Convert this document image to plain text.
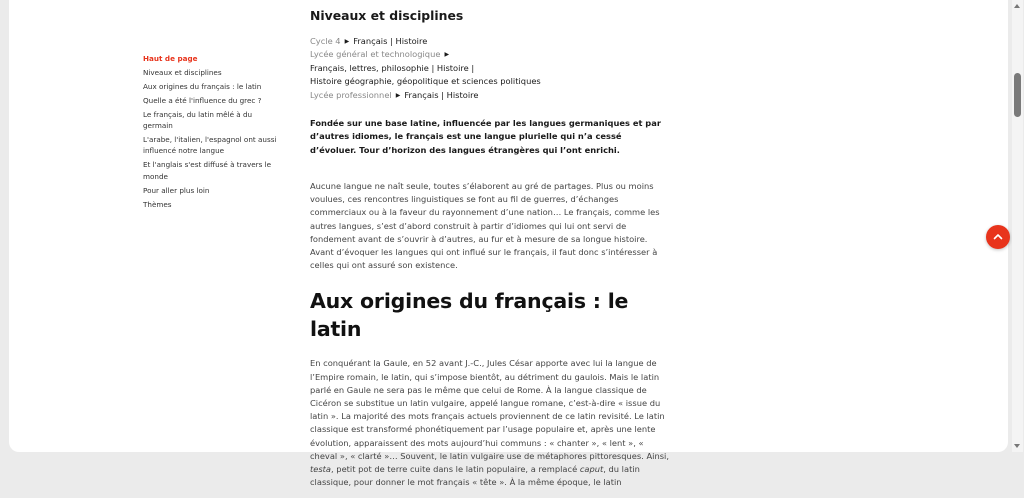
Haut de page
Niveaux et disciplines
Aux origines du français : le latin
Quelle a été l'influence du grec ?
Le français, du latin mêlé à du germain
L'arabe, l'italien, l'espagnol ont aussi influencé notre langue
Et l'anglais s'est diffusé à travers le monde
Pour aller plus loin
Thèmes
Niveaux et disciplines
Cycle 4 ▶ Français | Histoire
Lycée général et technologique ▶
Français, lettres, philosophie | Histoire |
Histoire géographie, géopolitique et sciences politiques
Lycée professionnel ▶ Français | Histoire

Fondée sur une base latine, influencée par les langues germaniques et par d’autres idiomes, le français est une langue plurielle qui n’a cessé d’évoluer. Tour d’horizon des langues étrangères qui l’ont enrichi.

Aucune langue ne naît seule, toutes s’élaborent au gré de partages. Plus ou moins voulues, ces rencontres linguistiques se font au fil de guerres, d’échanges commerciaux ou à la faveur du rayonnement d’une nation… Le français, comme les autres langues, s’est d’abord construit à partir d’idiomes qui lui ont servi de fondement avant de s’ouvrir à d’autres, au fur et à mesure de sa longue histoire. Avant d’évoquer les langues qui ont influé sur le français, il faut donc s’intéresser à celles qui ont assuré son existence.

Aux origines du français : le latin

En conquérant la Gaule, en 52 avant J.-C., Jules César apporte avec lui la langue de l’Empire romain, le latin, qui s’impose bientôt, au détriment du gaulois. Mais le latin parlé en Gaule ne sera pas le même que celui de Rome. À la langue classique de Cicéron se substitue un latin vulgaire, appelé langue romane, c’est-à-dire « issue du latin ». La majorité des mots français actuels proviennent de ce latin revisité. Le latin classique est transformé phonétiquement par l’usage populaire et, après une lente évolution, apparaissent des mots aujourd’hui communs : « chanter », « lent », « cheval », « clarté »… Souvent, le latin vulgaire use de métaphores pittoresques. Ainsi, testa, petit pot de terre cuite dans le latin populaire, a remplacé caput, du latin classique, pour donner le mot français « tête ». À la même époque, le latin
